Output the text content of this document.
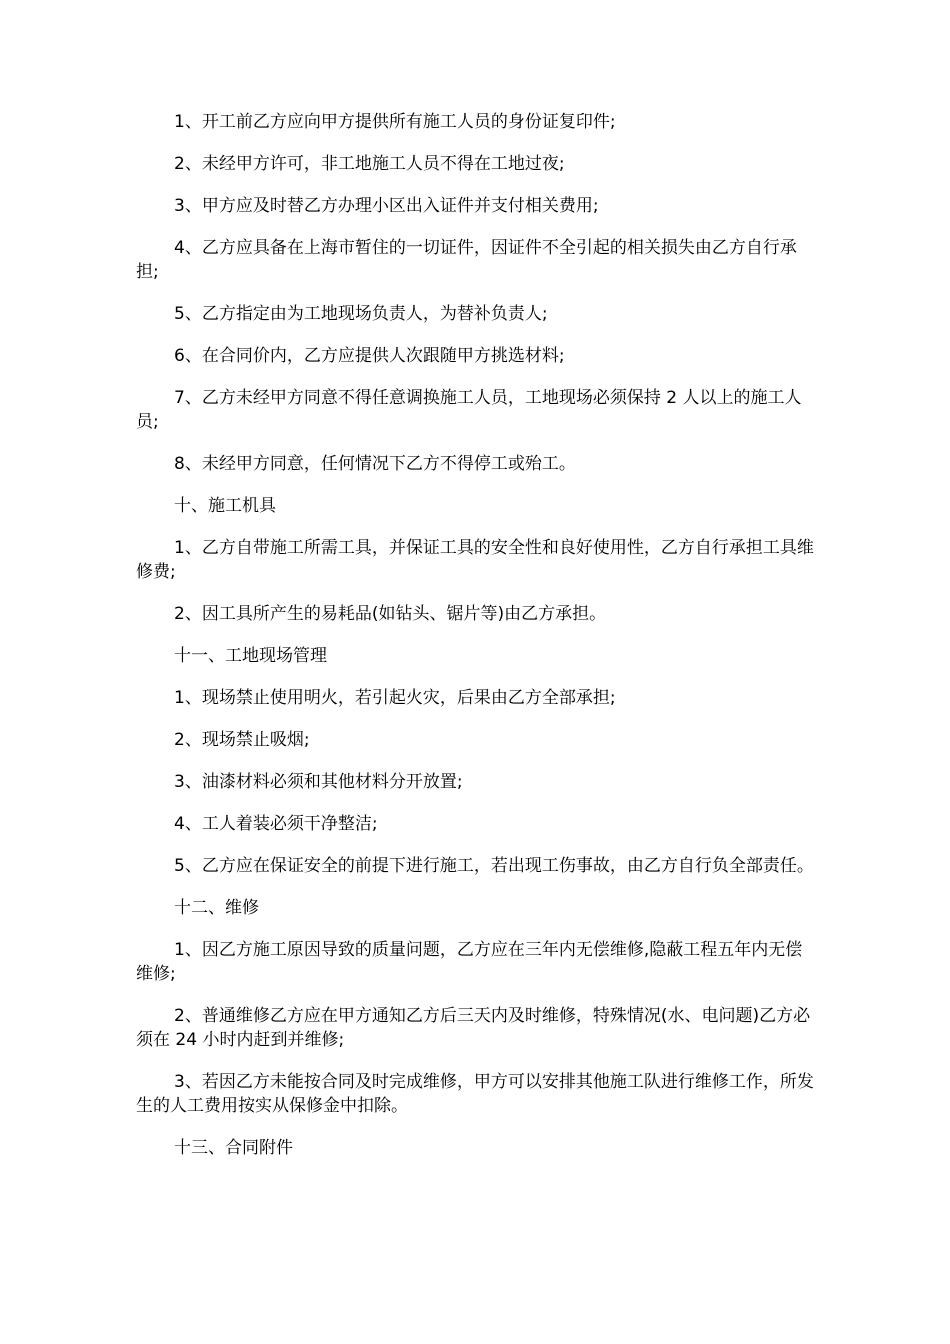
1、开工前乙方应向甲方提供所有施工人员的身份证复印件;

2、未经甲方许可，非工地施工人员不得在工地过夜;

3、甲方应及时替乙方办理小区出入证件并支付相关费用;

4、乙方应具备在上海市暂住的一切证件，因证件不全引起的相关损失由乙方自行承担;

5、乙方指定由为工地现场负责人，为替补负责人;

6、在合同价内，乙方应提供人次跟随甲方挑选材料;

7、乙方未经甲方同意不得任意调换施工人员，工地现场必须保持 2 人以上的施工人员;

8、未经甲方同意，任何情况下乙方不得停工或殆工。

十、施工机具

1、乙方自带施工所需工具，并保证工具的安全性和良好使用性，乙方自行承担工具维修费;

2、因工具所产生的易耗品(如钻头、锯片等)由乙方承担。

十一、工地现场管理

1、现场禁止使用明火，若引起火灾，后果由乙方全部承担;

2、现场禁止吸烟;

3、油漆材料必须和其他材料分开放置;

4、工人着装必须干净整洁;

5、乙方应在保证安全的前提下进行施工，若出现工伤事故，由乙方自行负全部责任。

十二、维修

1、因乙方施工原因导致的质量问题，乙方应在三年内无偿维修,隐蔽工程五年内无偿维修;

2、普通维修乙方应在甲方通知乙方后三天内及时维修，特殊情况(水、电问题)乙方必须在 24 小时内赶到并维修;

3、若因乙方未能按合同及时完成维修，甲方可以安排其他施工队进行维修工作，所发生的人工费用按实从保修金中扣除。

十三、合同附件
